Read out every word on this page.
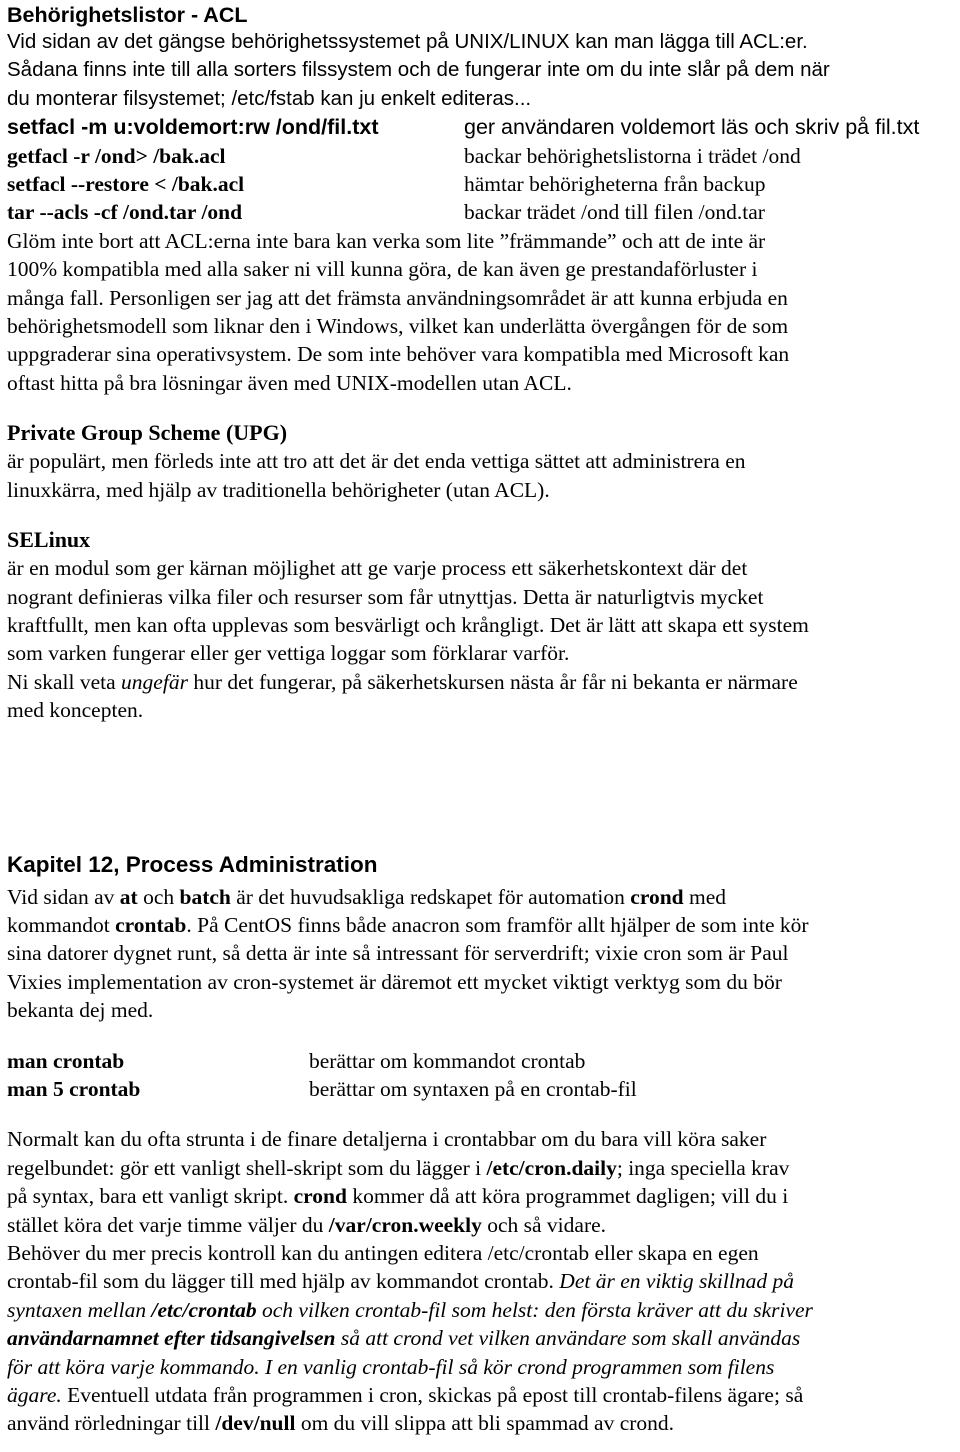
Behörighetslistor - ACL

Vid sidan av det gängse behörighetssystemet på UNIX/LINUX kan man lägga till ACL:er.

Sådana finns inte till alla sorters filssystem och de fungerar inte om du inte slår på dem när

du monterar filsystemet; /etc/fstab kan ju enkelt editeras...

setfacl -m u:voldemort:rw /ond/fil.txt	ger användaren voldemort läs och skriv på fil.txt
getfacl -r /ond> /bak.acl	backar behörighetslistorna i trädet /ond
setfacl --restore < /bak.acl	hämtar behörigheterna från backup
tar --acls -cf /ond.tar /ond	backar trädet /ond till filen /ond.tar

Glöm inte bort att ACL:erna inte bara kan verka som lite ”främmande” och att de inte är

100% kompatibla med alla saker ni vill kunna göra, de kan även ge prestandaförluster i

många fall. Personligen ser jag att det främsta användningsområdet är att kunna erbjuda en

behörighetsmodell som liknar den i Windows, vilket kan underlätta övergången för de som

uppgraderar sina operativsystem. De som inte behöver vara kompatibla med Microsoft kan

oftast hitta på bra lösningar även med UNIX-modellen utan ACL.

Private Group Scheme (UPG)

är populärt, men förleds inte att tro att det är det enda vettiga sättet att administrera en

linuxkärra, med hjälp av traditionella behörigheter (utan ACL).

SELinux

är en modul som ger kärnan möjlighet att ge varje process ett säkerhetskontext där det

nogrant definieras vilka filer och resurser som får utnyttjas. Detta är naturligtvis mycket

kraftfullt, men kan ofta upplevas som besvärligt och krångligt. Det är lätt att skapa ett system

som varken fungerar eller ger vettiga loggar som förklarar varför.

Ni skall veta ungefär hur det fungerar, på säkerhetskursen nästa år får ni bekanta er närmare

med koncepten.

Kapitel 12, Process Administration

Vid sidan av at och batch är det huvudsakliga redskapet för automation crond med

kommandot crontab. På CentOS finns både anacron som framför allt hjälper de som inte kör

sina datorer dygnet runt, så detta är inte så intressant för serverdrift; vixie cron som är Paul

Vixies implementation av cron-systemet är däremot ett mycket viktigt verktyg som du bör

bekanta dej med.

man crontab	berättar om kommandot crontab
man 5 crontab	berättar om syntaxen på en crontab-fil

Normalt kan du ofta strunta i de finare detaljerna i crontabbar om du bara vill köra saker

regelbundet: gör ett vanligt shell-skript som du lägger i /etc/cron.daily; inga speciella krav

på syntax, bara ett vanligt skript. crond kommer då att köra programmet dagligen; vill du i

stället köra det varje timme väljer du /var/cron.weekly och så vidare.

Behöver du mer precis kontroll kan du antingen editera /etc/crontab eller skapa en egen

crontab-fil som du lägger till med hjälp av kommandot crontab. Det är en viktig skillnad på

syntaxen mellan /etc/crontab och vilken crontab-fil som helst: den första kräver att du skriver

användarnamnet efter tidsangivelsen så att crond vet vilken användare som skall användas

för att köra varje kommando. I en vanlig crontab-fil så kör crond programmen som filens

ägare. Eventuell utdata från programmen i cron, skickas på epost till crontab-filens ägare; så

använd rörledningar till /dev/null om du vill slippa att bli spammad av crond.
